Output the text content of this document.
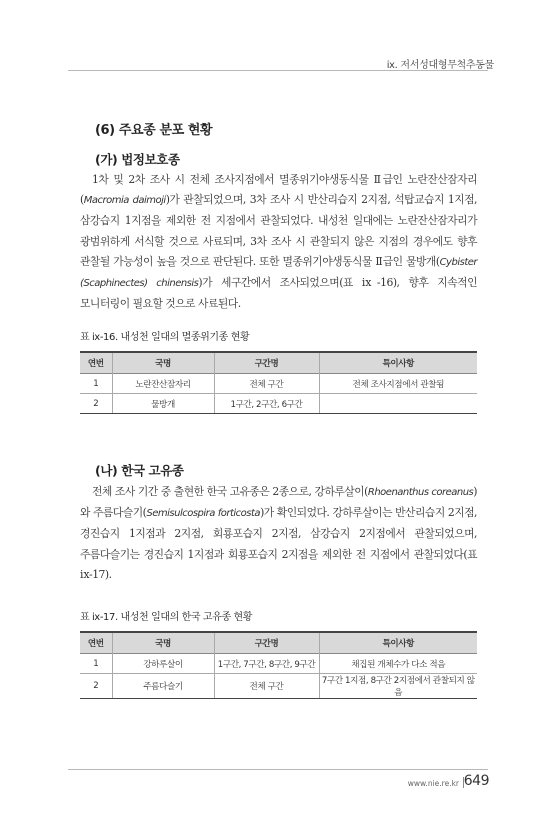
ⅸ. 저서성대형무척추동물
(6) 주요종 분포 현황
(가) 법정보호종

1차 및 2차 조사 시 전체 조사지점에서 멸종위기야생동식물 Ⅱ급인 노란잔산잠자리(Macromia daimoji)가 관찰되었으며, 3차 조사 시 반산리습지 2지점, 석탑교습지 1지점, 삼강습지 1지점을 제외한 전 지점에서 관찰되었다. 내성천 일대에는 노란잔산잠자리가 광범위하게 서식할 것으로 사료되며, 3차 조사 시 관찰되지 않은 지점의 경우에도 향후 관찰될 가능성이 높을 것으로 판단된다. 또한 멸종위기야생동식물 Ⅱ급인 물방개(Cybister (Scaphinectes) chinensis)가 세구간에서 조사되었으며(표 ⅸ-16), 향후 지속적인 모니터링이 필요할 것으로 사료된다.

표 ⅸ-16. 내성천 일대의 멸종위기종 현황
연번	국명	구간명	특이사항
1	노란잔산잠자리	전체 구간	전체 조사지점에서 관찰됨
2	물방개	1구간, 2구간, 6구간	
(나) 한국 고유종

전체 조사 기간 중 출현한 한국 고유종은 2종으로, 강하루살이(Rhoenanthus coreanus)와 주름다슬기(Semisulcospira forticosta)가 확인되었다. 강하루살이는 반산리습지 2지점, 경진습지 1지점과 2지점, 회룡포습지 2지점, 삼강습지 2지점에서 관찰되었으며, 주름다슬기는 경진습지 1지점과 회룡포습지 2지점을 제외한 전 지점에서 관찰되었다(표 ⅸ-17).

표 ⅸ-17. 내성천 일대의 한국 고유종 현황
연번	국명	구간명	특이사항
1	강하루살이	1구간, 7구간, 8구간, 9구간	채집된 개체수가 다소 적음
2	주름다슬기	전체 구간	7구간 1지점, 8구간 2지점에서 관찰되지 않음
www.nie.re.kr 649
